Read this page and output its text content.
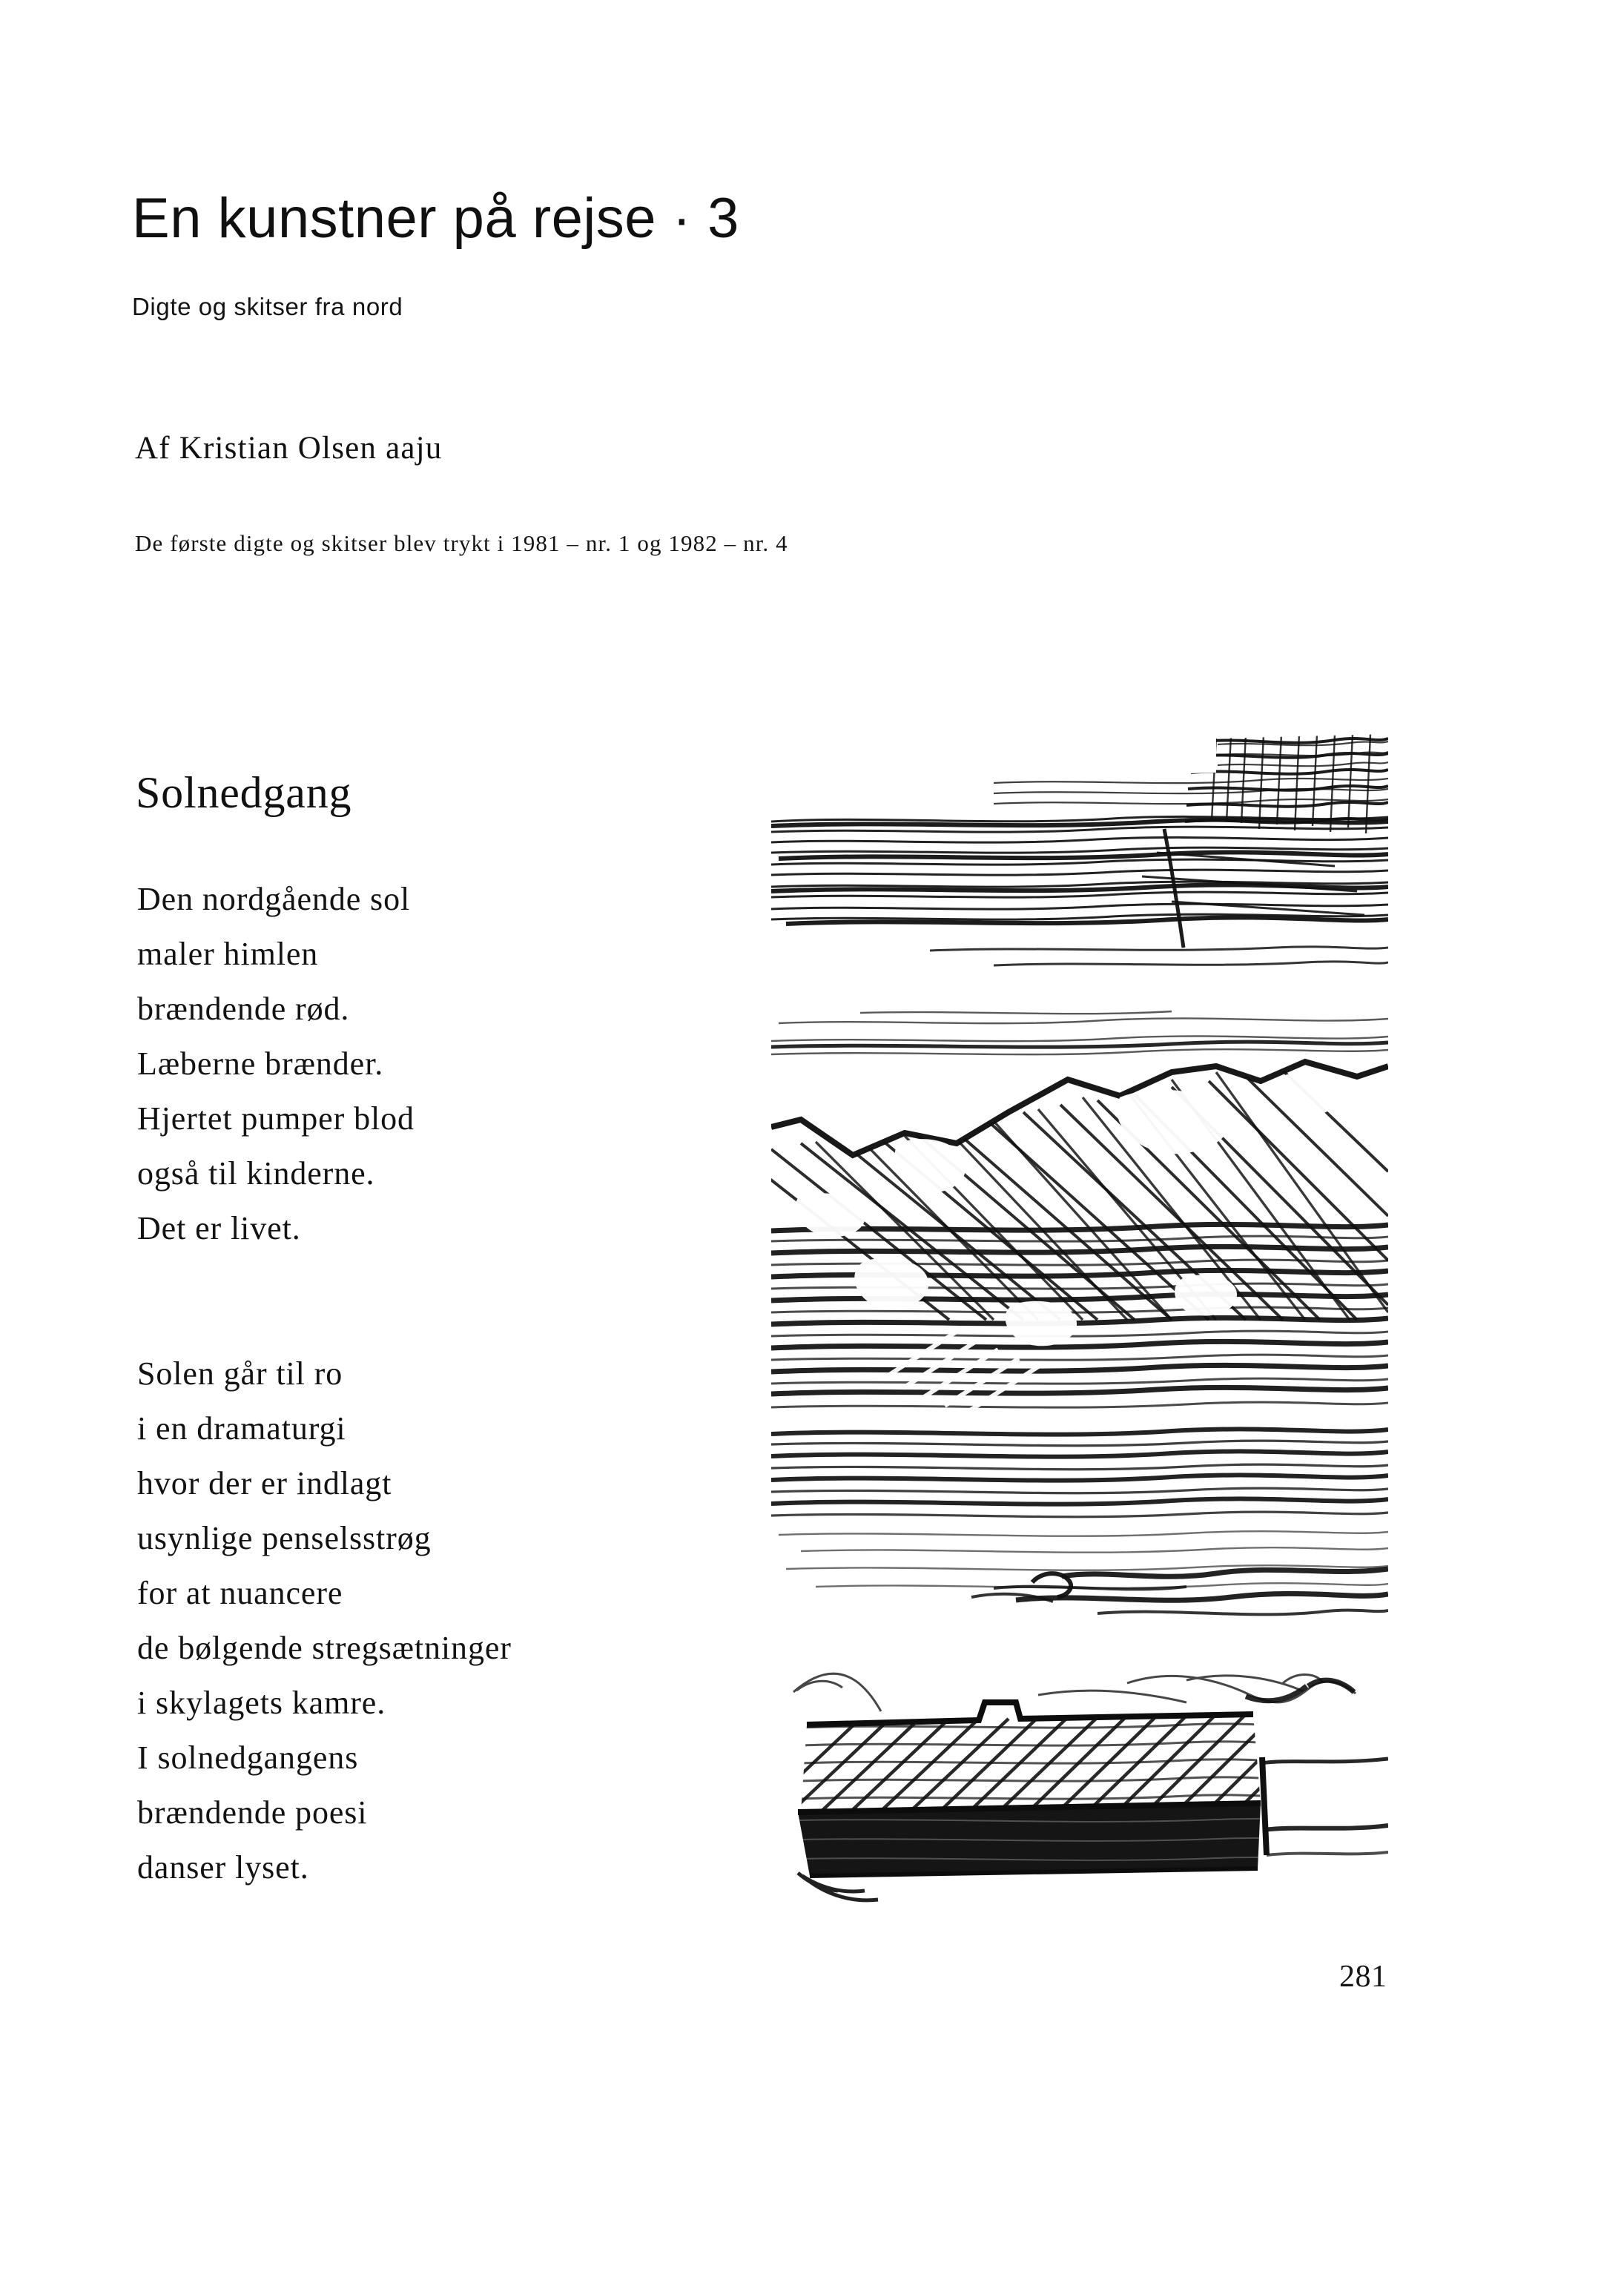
En kunstner på rejse · 3
Digte og skitser fra nord
Af Kristian Olsen aaju
De første digte og skitser blev trykt i 1981 – nr. 1 og 1982 – nr. 4
Solnedgang
Den nordgående sol
maler himlen
brændende rød.
Læberne brænder.
Hjertet pumper blod
også til kinderne.
Det er livet.
Solen går til ro
i en dramaturgi
hvor der er indlagt
usynlige penselsstrøg
for at nuancere
de bølgende stregsætninger
i skylagets kamre.
I solnedgangens
brændende poesi
danser lyset.
281
